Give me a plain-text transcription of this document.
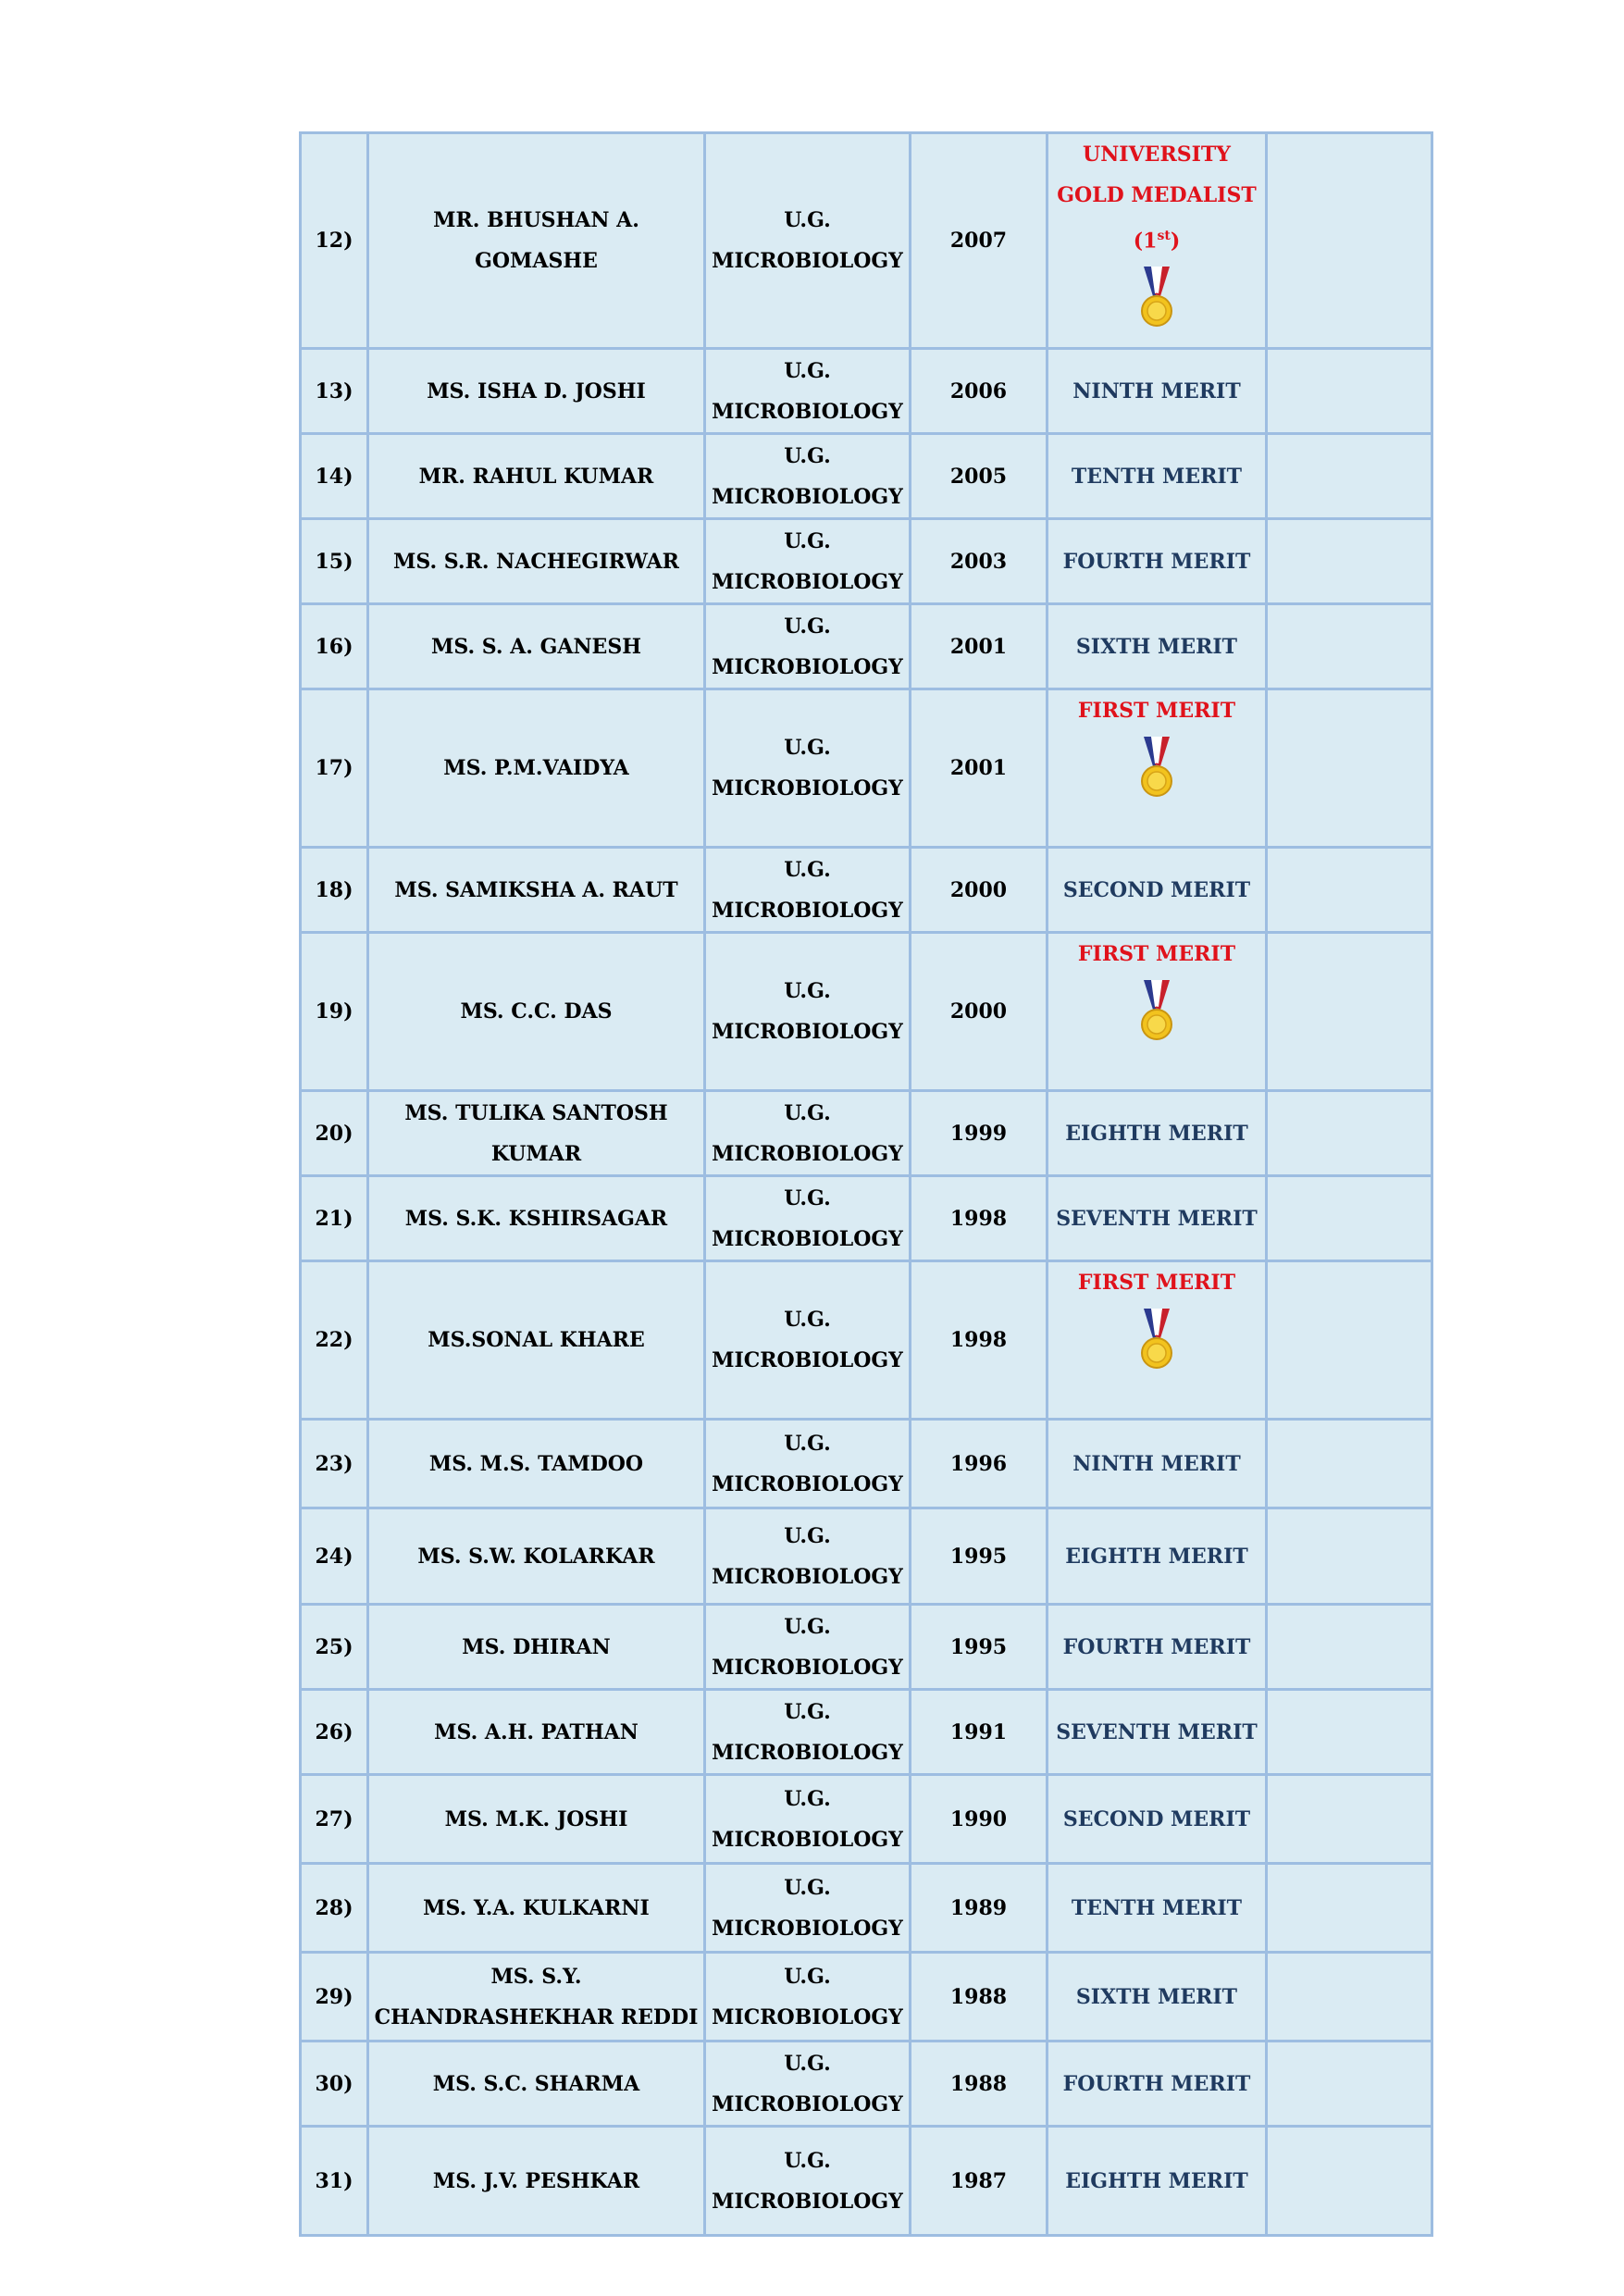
12)	MR. BHUSHAN A. GOMASHE	U.G.
MICROBIOLOGY	2007	UNIVERSITY
GOLD MEDALIST
(1st)	

13)	MS. ISHA D. JOSHI	U.G.
MICROBIOLOGY	2006	NINTH MERIT	

14)	MR. RAHUL KUMAR	U.G.
MICROBIOLOGY	2005	TENTH MERIT	

15)	MS. S.R. NACHEGIRWAR	U.G.
MICROBIOLOGY	2003	FOURTH MERIT	

16)	MS. S. A. GANESH	U.G.
MICROBIOLOGY	2001	SIXTH MERIT	

17)	MS. P.M.VAIDYA	U.G.
MICROBIOLOGY	2001	FIRST MERIT	

18)	MS. SAMIKSHA A. RAUT	U.G.
MICROBIOLOGY	2000	SECOND MERIT	

19)	MS. C.C. DAS	U.G.
MICROBIOLOGY	2000	FIRST MERIT	

20)	MS. TULIKA SANTOSH KUMAR	U.G.
MICROBIOLOGY	1999	EIGHTH MERIT	

21)	MS. S.K. KSHIRSAGAR	U.G.
MICROBIOLOGY	1998	SEVENTH MERIT	

22)	MS.SONAL KHARE	U.G.
MICROBIOLOGY	1998	FIRST MERIT	

23)	MS. M.S. TAMDOO	U.G.
MICROBIOLOGY	1996	NINTH MERIT	

24)	MS. S.W. KOLARKAR	U.G.
MICROBIOLOGY	1995	EIGHTH MERIT	

25)	MS. DHIRAN	U.G.
MICROBIOLOGY	1995	FOURTH MERIT	

26)	MS. A.H. PATHAN	U.G.
MICROBIOLOGY	1991	SEVENTH MERIT	

27)	MS. M.K. JOSHI	U.G.
MICROBIOLOGY	1990	SECOND MERIT	

28)	MS. Y.A. KULKARNI	U.G.
MICROBIOLOGY	1989	TENTH MERIT	

29)	MS. S.Y. CHANDRASHEKHAR REDDI	U.G.
MICROBIOLOGY	1988	SIXTH MERIT	

30)	MS. S.C. SHARMA	U.G.
MICROBIOLOGY	1988	FOURTH MERIT	

31)	MS. J.V. PESHKAR	U.G.
MICROBIOLOGY	1987	EIGHTH MERIT	
